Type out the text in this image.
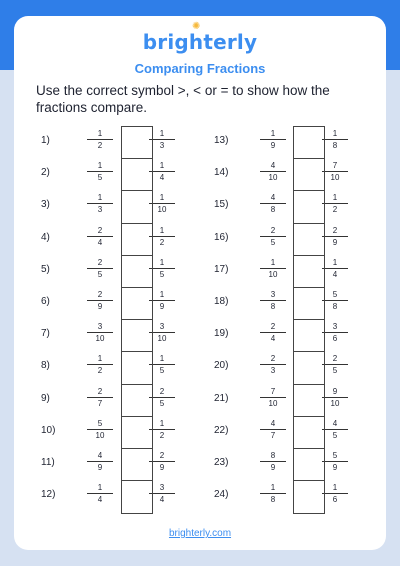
✺
brighterly
Comparing Fractions
Use the correct symbol >, < or = to show how the fractions compare.
1)	$\frac{1}{2}$	$\frac{1}{3}$
2)	$\frac{1}{5}$	$\frac{1}{4}$
3)	$\frac{1}{3}$	$\frac{1}{10}$
4)	$\frac{2}{4}$	$\frac{1}{2}$
5)	$\frac{2}{5}$	$\frac{1}{5}$
6)	$\frac{2}{9}$	$\frac{1}{9}$
7)	$\frac{3}{10}$	$\frac{3}{10}$
8)	$\frac{1}{2}$	$\frac{1}{5}$
9)	$\frac{2}{7}$	$\frac{2}{5}$
10)	$\frac{5}{10}$	$\frac{1}{2}$
11)	$\frac{4}{9}$	$\frac{2}{9}$
12)	$\frac{1}{4}$	$\frac{3}{4}$
13)	$\frac{1}{9}$	$\frac{1}{8}$
14)	$\frac{4}{10}$	$\frac{7}{10}$
15)	$\frac{4}{8}$	$\frac{1}{2}$
16)	$\frac{2}{5}$	$\frac{2}{9}$
17)	$\frac{1}{10}$	$\frac{1}{4}$
18)	$\frac{3}{8}$	$\frac{5}{8}$
19)	$\frac{2}{4}$	$\frac{3}{6}$
20)	$\frac{2}{3}$	$\frac{2}{5}$
21)	$\frac{7}{10}$	$\frac{9}{10}$
22)	$\frac{4}{7}$	$\frac{4}{5}$
23)	$\frac{8}{9}$	$\frac{5}{9}$
24)	$\frac{1}{8}$	$\frac{1}{6}$
brighterly.com
